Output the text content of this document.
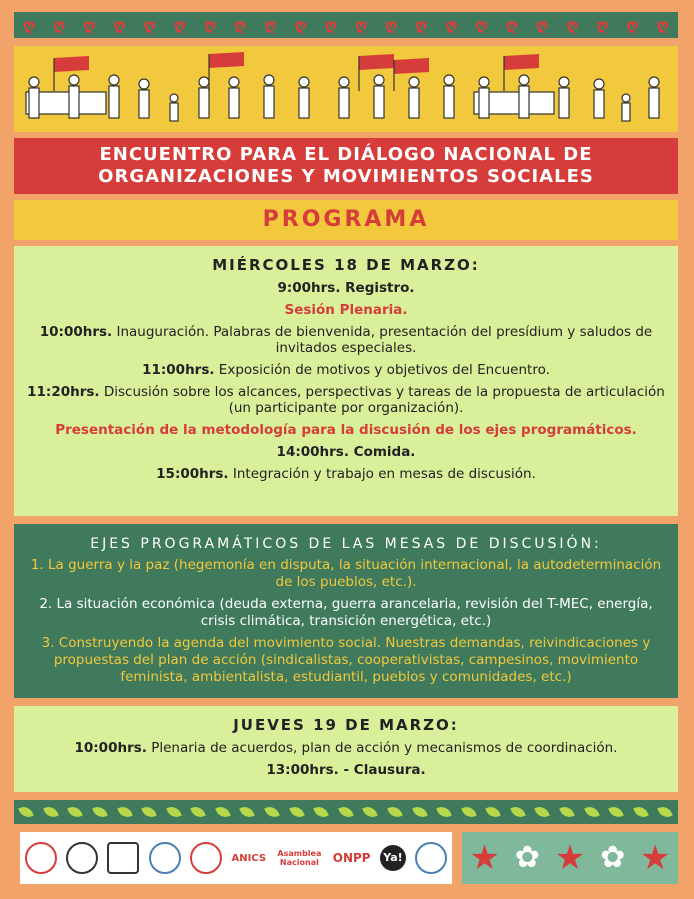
ღ ღ ღ ღ ღ ღ ღ ღ ღ ღ ღ ღ ღ ღ ღ ღ ღ ღ ღ ღ ღ ღ
ENCUENTRO PARA EL DIÁLOGO NACIONAL DE
ORGANIZACIONES Y MOVIMIENTOS SOCIALES
PROGRAMA
MIÉRCOLES 18 DE MARZO:
9:00hrs. Registro.
Sesión Plenaria.
10:00hrs. Inauguración. Palabras de bienvenida, presentación del presídium y saludos de invitados especiales.
11:00hrs. Exposición de motivos y objetivos del Encuentro.
11:20hrs. Discusión sobre los alcances, perspectivas y tareas de la propuesta de articulación (un participante por organización).
Presentación de la metodología para la discusión de los ejes programáticos.
14:00hrs. Comida.
15:00hrs. Integración y trabajo en mesas de discusión.
EJES PROGRAMÁTICOS DE LAS MESAS DE DISCUSIÓN:
1. La guerra y la paz (hegemonía en disputa, la situación internacional, la autodeterminación de los pueblos, etc.).
2. La situación económica (deuda externa, guerra arancelaria, revisión del T-MEC, energía, crisis climática, transición energética, etc.)
3. Construyendo la agenda del movimiento social. Nuestras demandas, reivindicaciones y propuestas del plan de acción (sindicalistas, cooperativistas, campesinos, movimiento feminista, ambientalista, estudiantil, pueblos y comunidades, etc.)
JUEVES 19 DE MARZO:
10:00hrs. Plenaria de acuerdos, plan de acción y mecanismos de coordinación.
13:00hrs. - Clausura.
ANICS Asamblea Nacional	ONPP Ya! ★ ✿ ★ ✿ ★
